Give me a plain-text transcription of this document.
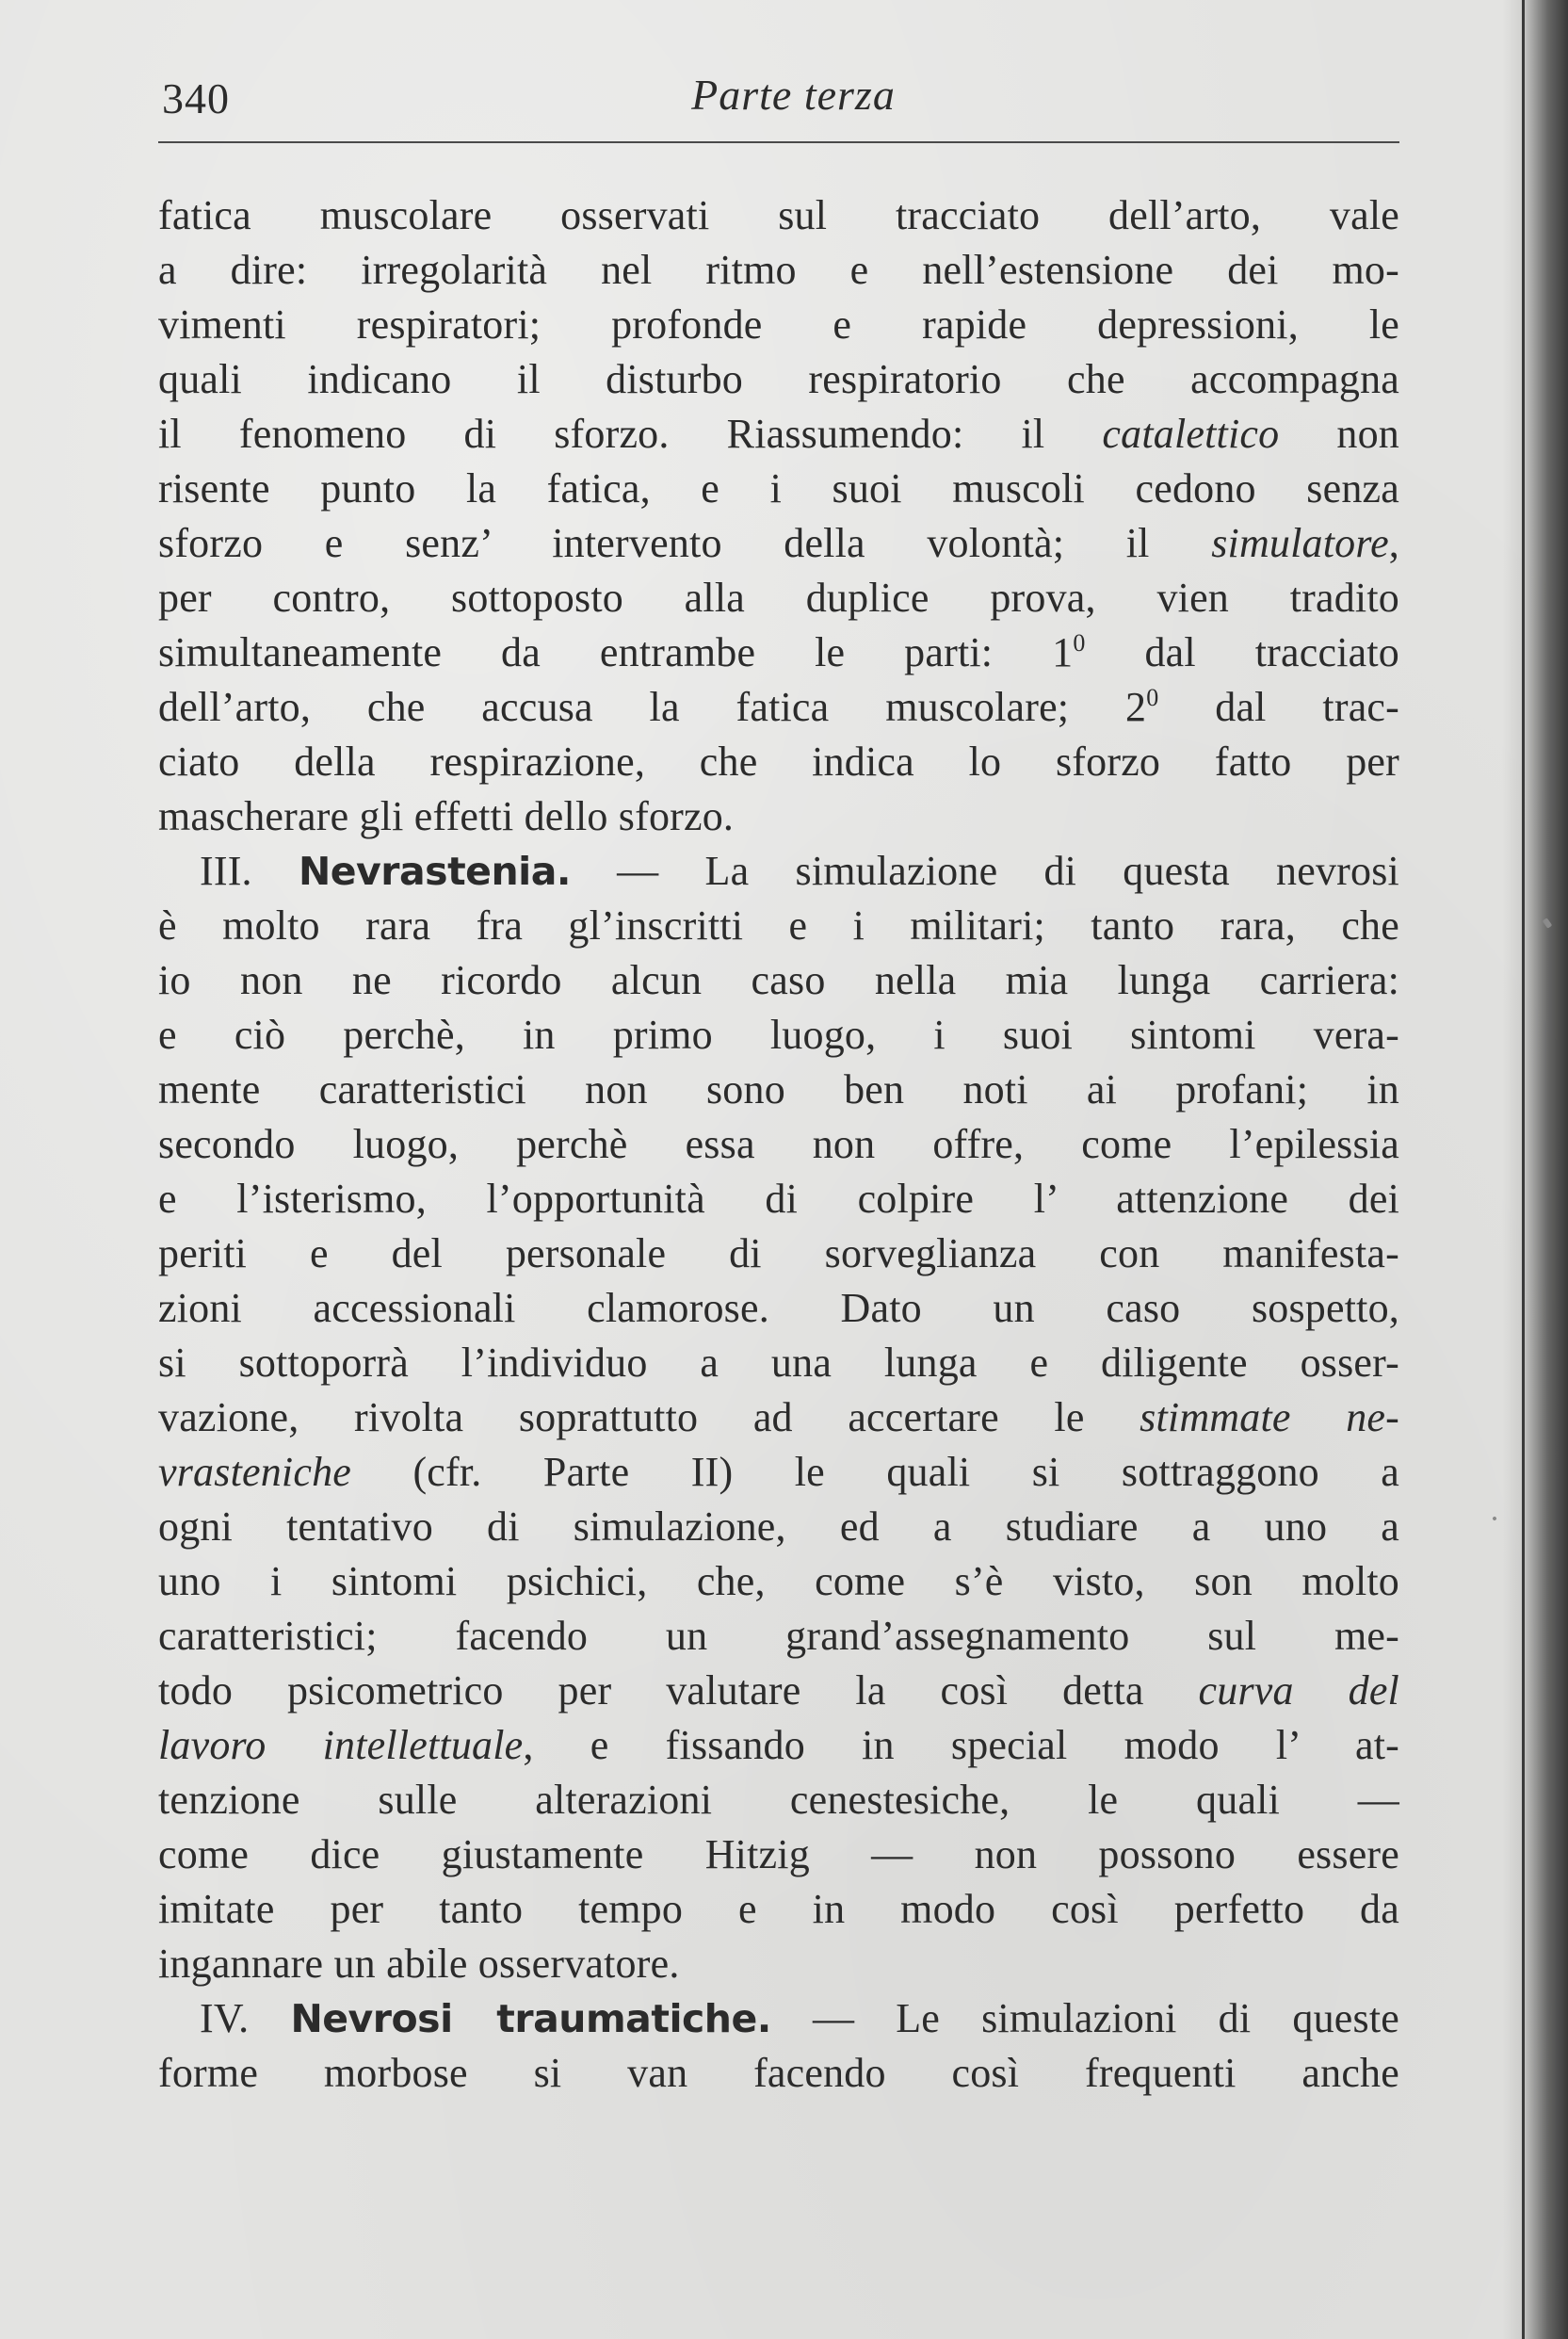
340	Parte terza
fatica muscolare osservati sul tracciato dell’arto, vale
a dire: irregolarità nel ritmo e nell’estensione dei mo-
vimenti respiratori; profonde e rapide depressioni, le
quali indicano il disturbo respiratorio che accompagna
il fenomeno di sforzo. Riassumendo: il catalettico non
risente punto la fatica, e i suoi muscoli cedono senza
sforzo e senz’ intervento della volontà; il simulatore,
per contro, sottoposto alla duplice prova, vien tradito
simultaneamente da entrambe le parti: $1^0$ dal tracciato
dell’arto, che accusa la fatica muscolare; $2^0$ dal trac-
ciato della respirazione, che indica lo sforzo fatto per
mascherare gli effetti dello sforzo.
III. Nevrastenia. — La simulazione di questa nevrosi
è molto rara fra gl’inscritti e i militari; tanto rara, che
io non ne ricordo alcun caso nella mia lunga carriera:
e ciò perchè, in primo luogo, i suoi sintomi vera-
mente caratteristici non sono ben noti ai profani; in
secondo luogo, perchè essa non offre, come l’epilessia
e l’isterismo, l’opportunità di colpire l’ attenzione dei
periti e del personale di sorveglianza con manifesta-
zioni accessionali clamorose. Dato un caso sospetto,
si sottoporrà l’individuo a una lunga e diligente osser-
vazione, rivolta soprattutto ad accertare le stimmate ne-
vrasteniche (cfr. Parte II) le quali si sottraggono a
ogni tentativo di simulazione, ed a studiare a uno a
uno i sintomi psichici, che, come s’è visto, son molto
caratteristici; facendo un grand’assegnamento sul me-
todo psicometrico per valutare la così detta curva del
lavoro intellettuale, e fissando in special modo l’ at-
tenzione sulle alterazioni cenestesiche, le quali —
come dice giustamente Hitzig — non possono essere
imitate per tanto tempo e in modo così perfetto da
ingannare un abile osservatore.
IV. Nevrosi traumatiche. — Le simulazioni di queste
forme morbose si van facendo così frequenti anche
